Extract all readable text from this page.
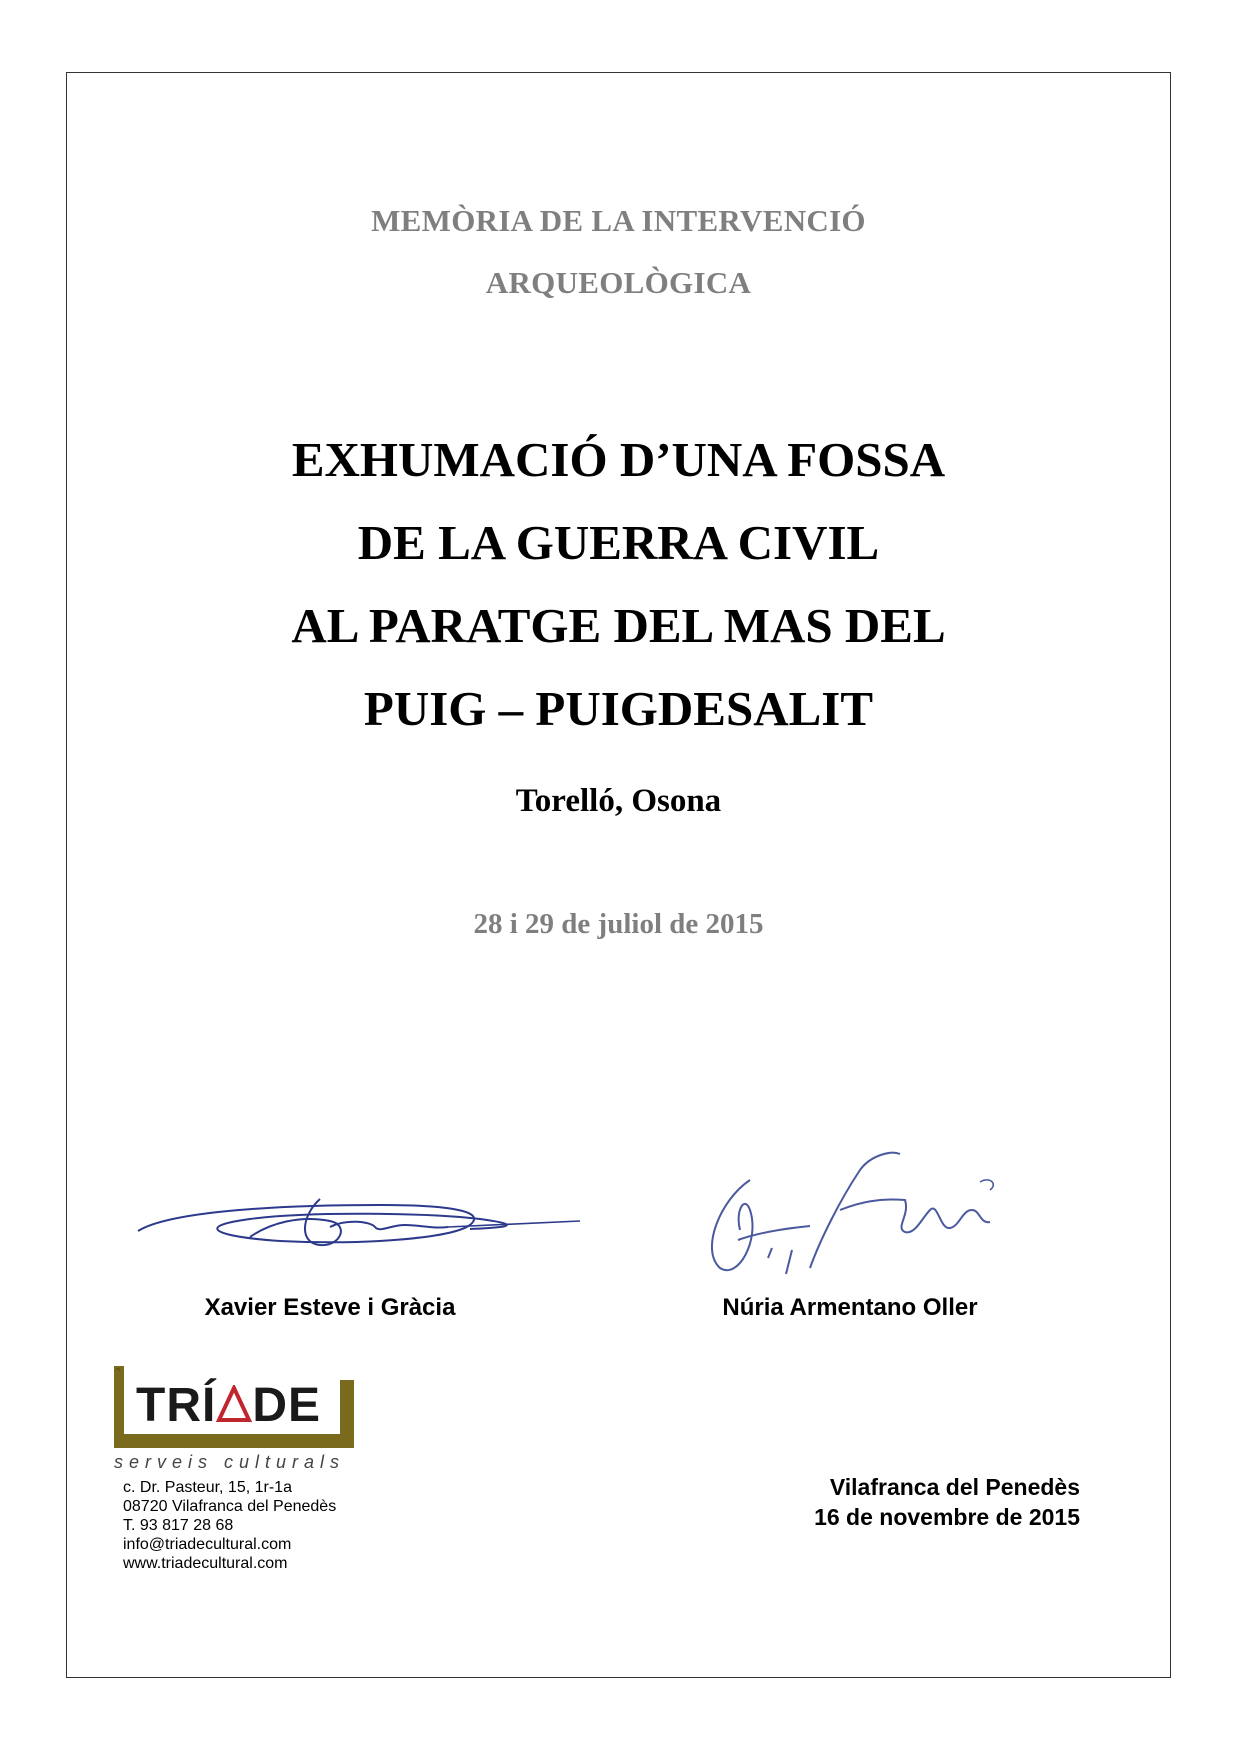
MEMÒRIA DE LA INTERVENCIÓ
ARQUEOLÒGICA
EXHUMACIÓ D’UNA FOSSA
DE LA GUERRA CIVIL
AL PARATGE DEL MAS DEL
PUIG – PUIGDESALIT
Torelló, Osona
28 i 29 de juliol de 2015
Xavier Esteve i Gràcia	Núria Armentano Oller
TRÍ DE
serveis culturals
c. Dr. Pasteur, 15, 1r-1a
08720 Vilafranca del Penedès
T. 93 817 28 68
info@triadecultural.com
www.triadecultural.com
Vilafranca del Penedès
16 de novembre de 2015
